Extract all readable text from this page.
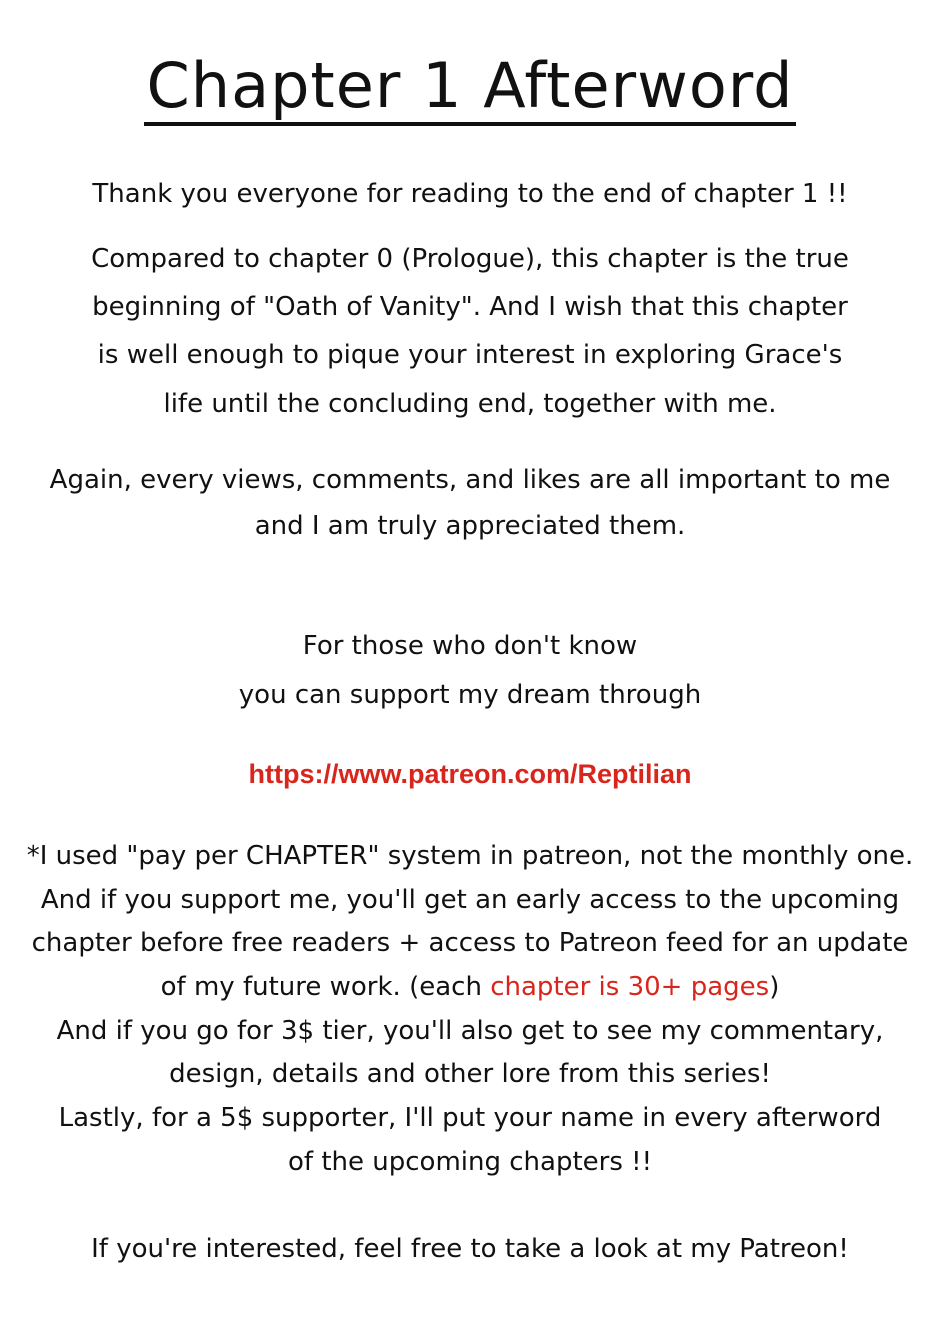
Chapter 1 Afterword
Thank you everyone for reading to the end of chapter 1 !!
Compared to chapter 0 (Prologue), this chapter is the true
beginning of "Oath of Vanity". And I wish that this chapter
is well enough to pique your interest in exploring Grace's
life until the concluding end, together with me.
Again, every views, comments, and likes are all important to me
and I am truly appreciated them.
For those who don't know
you can support my dream through
https://www.patreon.com/Reptilian
*I used "pay per CHAPTER" system in patreon, not the monthly one.
And if you support me, you'll get an early access to the upcoming
chapter before free readers + access to Patreon feed for an update
of my future work. (each chapter is 30+ pages)
And if you go for 3$ tier, you'll also get to see my commentary,
design, details and other lore from this series!
Lastly, for a 5$ supporter, I'll put your name in every afterword
of the upcoming chapters !!
If you're interested, feel free to take a look at my Patreon!
